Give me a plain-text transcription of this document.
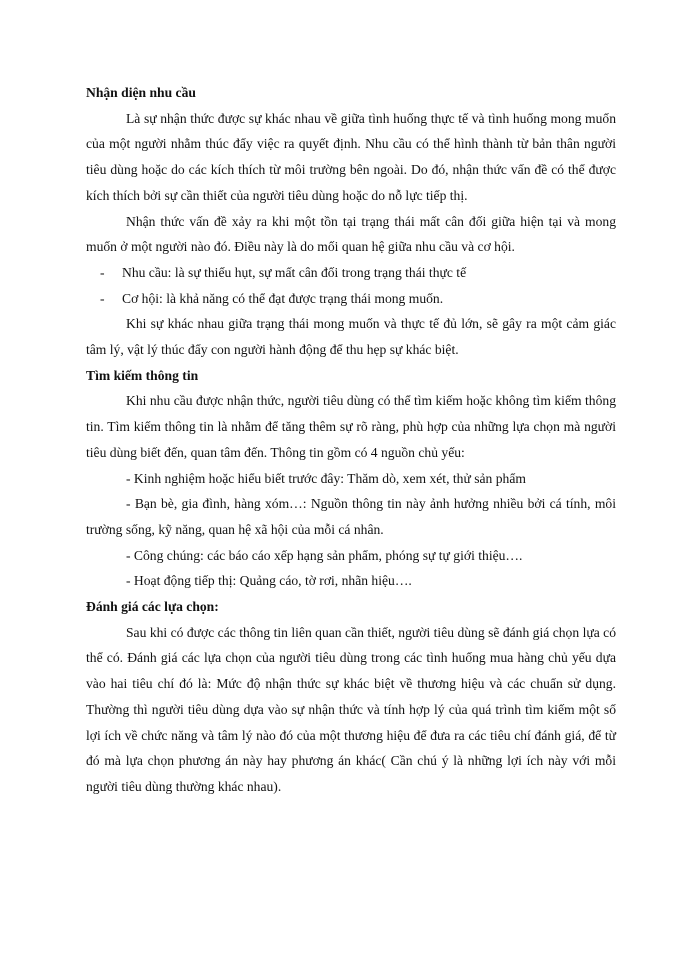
Nhận diện nhu cầu

Là sự nhận thức được sự khác nhau về giữa tình huống thực tế và tình huống mong muốn của một người nhằm thúc đẩy việc ra quyết định. Nhu cầu có thể hình thành từ bản thân người tiêu dùng hoặc do các kích thích từ môi trường bên ngoài. Do đó, nhận thức vấn đề có thể được kích thích bởi sự cần thiết của người tiêu dùng hoặc do nỗ lực tiếp thị.

Nhận thức vấn đề xảy ra khi một tồn tại trạng thái mất cân đối giữa hiện tại và mong muốn ở một người nào đó. Điều này là do mối quan hệ giữa nhu cầu và cơ hội.

- Nhu cầu: là sự thiếu hụt, sự mất cân đối trong trạng thái thực tế

- Cơ hội: là khả năng có thể đạt được trạng thái mong muốn.

Khi sự khác nhau giữa trạng thái mong muốn và thực tế đủ lớn, sẽ gây ra một cảm giác tâm lý, vật lý thúc đẩy con người hành động để thu hẹp sự khác biệt.

Tìm kiếm thông tin

Khi nhu cầu được nhận thức, người tiêu dùng có thể tìm kiếm hoặc không tìm kiếm thông tin. Tìm kiếm thông tin là nhằm để tăng thêm sự rõ ràng, phù hợp của những lựa chọn mà người tiêu dùng biết đến, quan tâm đến. Thông tin gồm có 4 nguồn chủ yếu:

- Kinh nghiệm hoặc hiểu biết trước đây: Thăm dò, xem xét, thử sản phẩm

- Bạn bè, gia đình, hàng xóm…: Nguồn thông tin này ảnh hưởng nhiều bởi cá tính, môi trường sống, kỹ năng, quan hệ xã hội của mỗi cá nhân.

- Công chúng: các báo cáo xếp hạng sản phẩm, phóng sự tự giới thiệu….

- Hoạt động tiếp thị: Quảng cáo, tờ rơi, nhãn hiệu….

Đánh giá các lựa chọn:

Sau khi có được các thông tin liên quan cần thiết, người tiêu dùng sẽ đánh giá chọn lựa có thể có. Đánh giá các lựa chọn của người tiêu dùng trong các tình huống mua hàng chủ yếu dựa vào hai tiêu chí đó là: Mức độ nhận thức sự khác biệt về thương hiệu và các chuẩn sử dụng. Thường thì người tiêu dùng dựa vào sự nhận thức và tính hợp lý của quá trình tìm kiếm một số lợi ích về chức năng và tâm lý nào đó của một thương hiệu để đưa ra các tiêu chí đánh giá, để từ đó mà lựa chọn phương án này hay phương án khác( Cần chú ý là những lợi ích này với mỗi người tiêu dùng thường khác nhau).
